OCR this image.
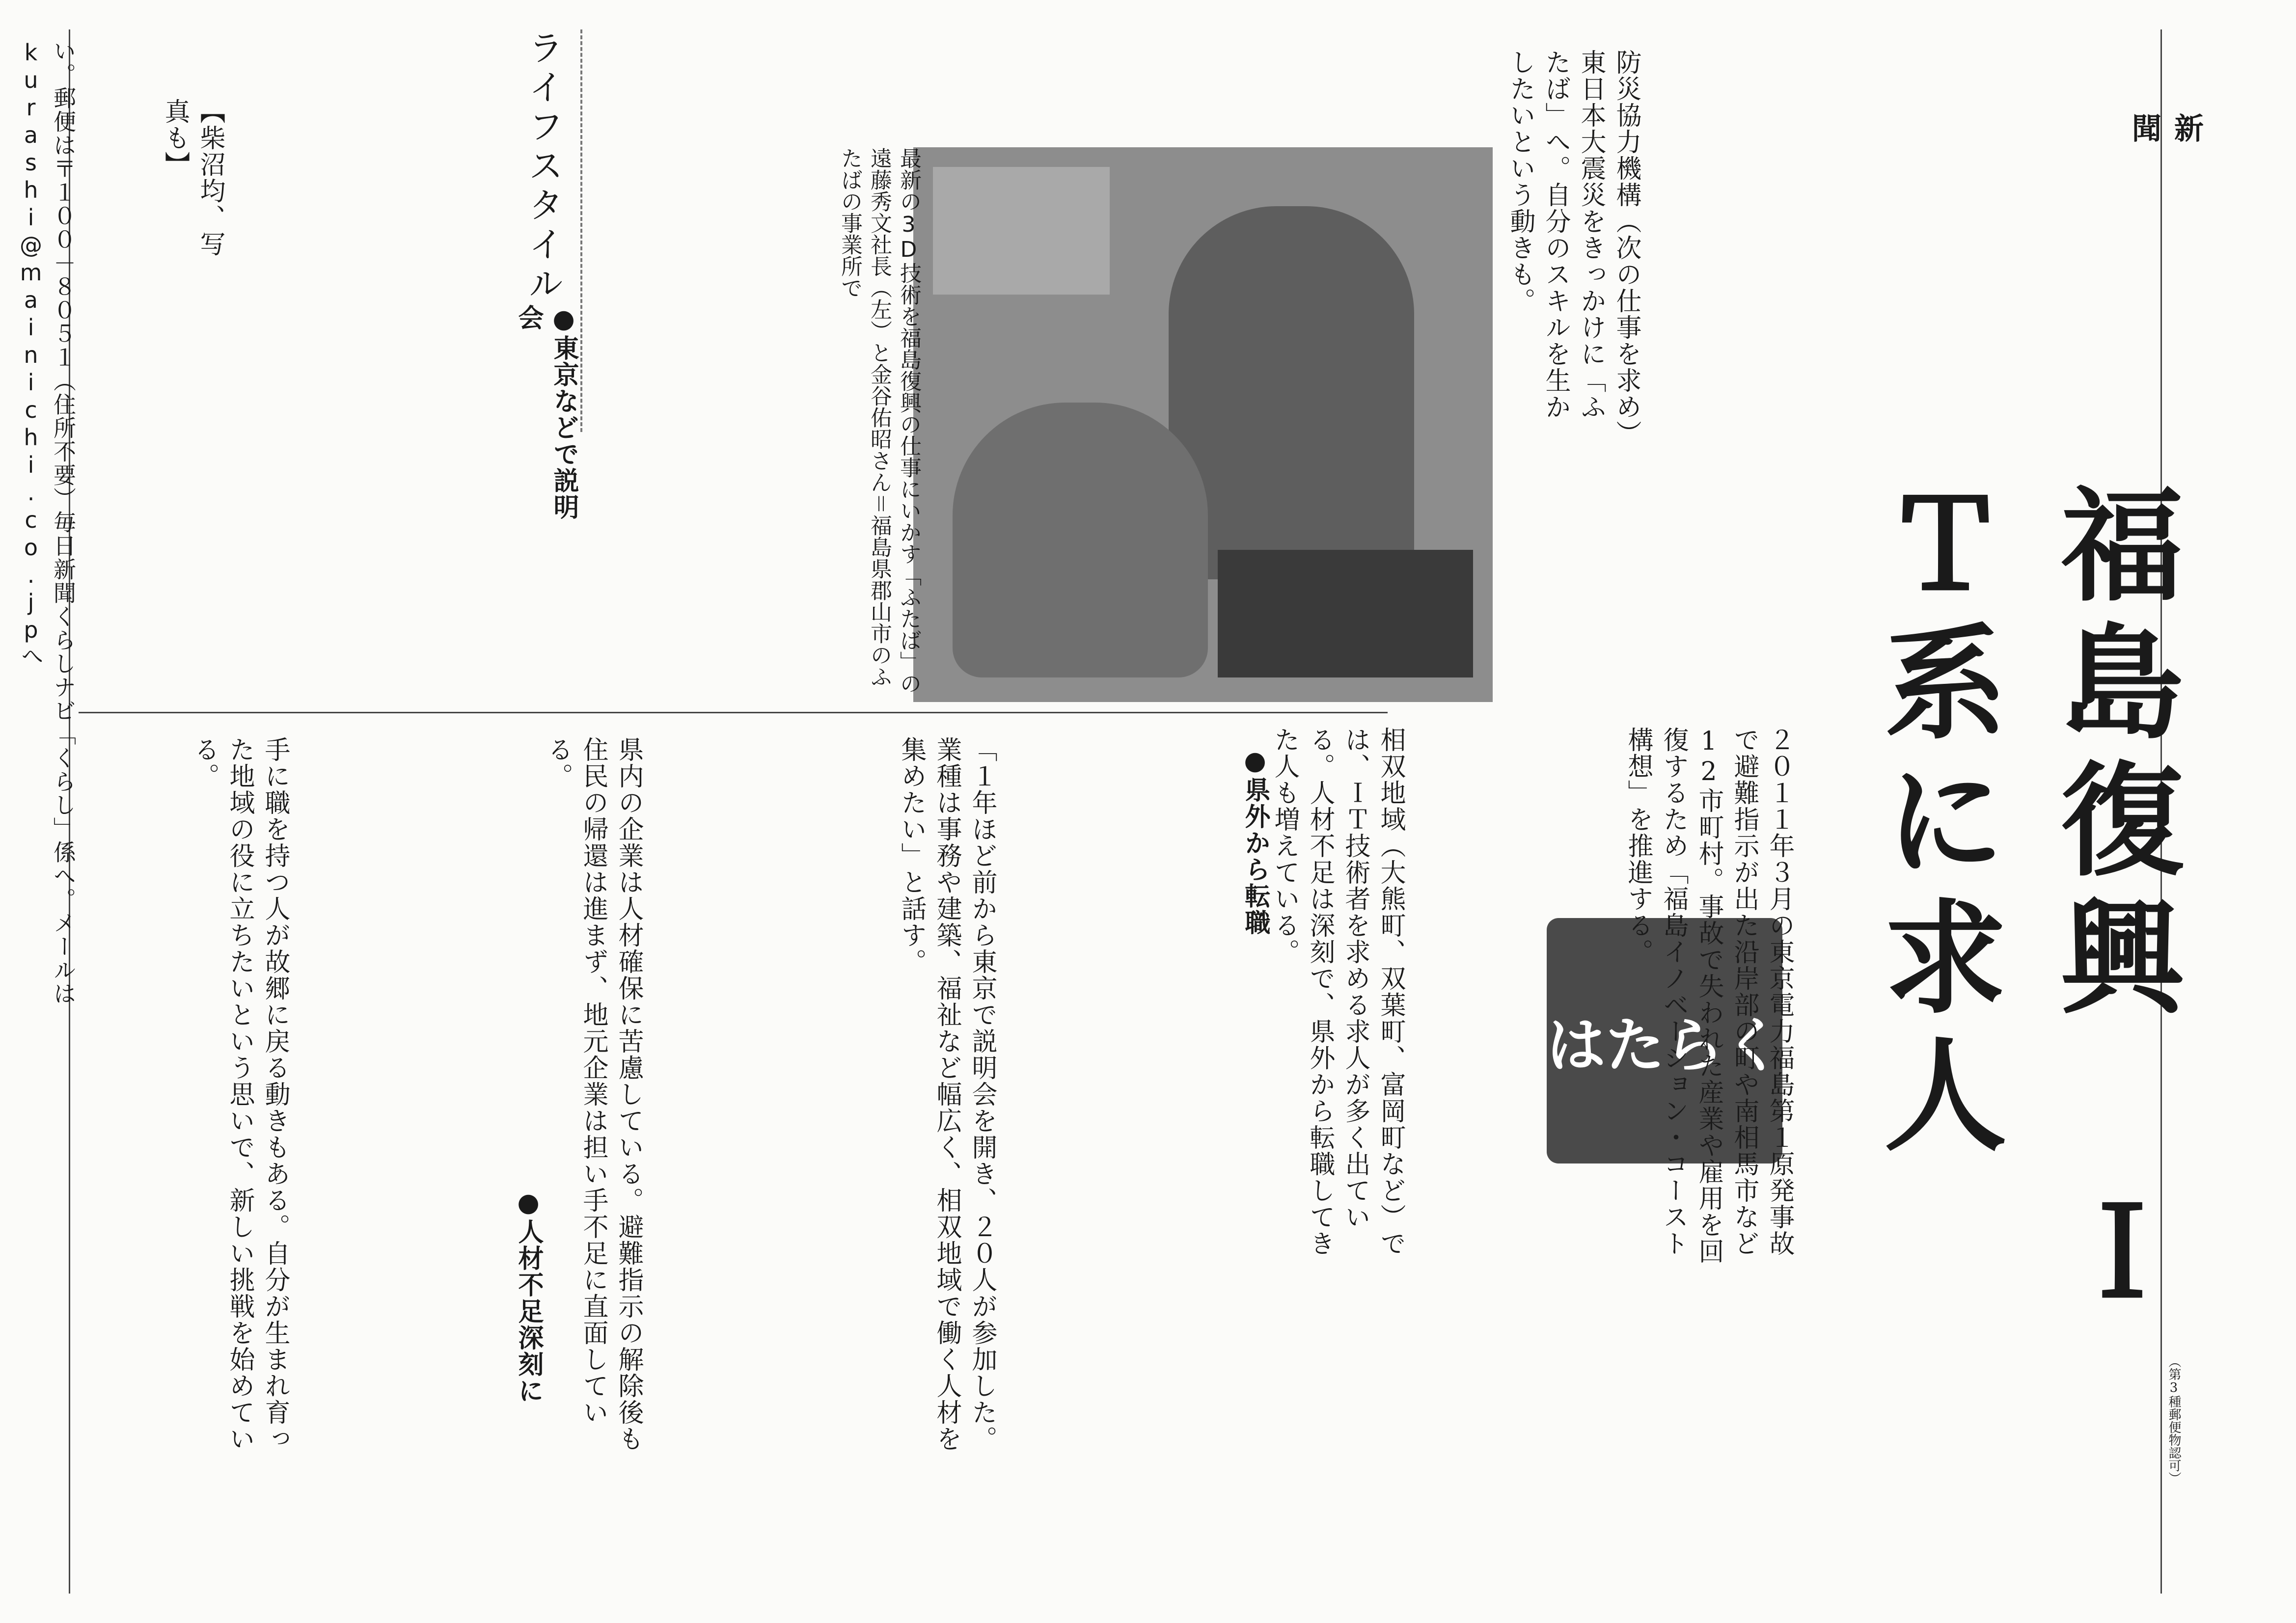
新 聞
（第3種郵便物認可）
ライフスタイル
福島復興 ＩＴ系に求人
はたらく
最新の3D技術を福島復興の仕事にいかす「ふたば」の遠藤秀文社長（左）と金谷佑昭さん＝福島県郡山市のふたばの事業所で
２０１１年３月の東京電力福島第１原発事故で避難指示が出た沿岸部の町や南相馬市など12市町村。事故で失われた産業や雇用を回復するため「福島イノベーション・コースト構想」を推進する。
相双地域（大熊町、双葉町、富岡町など）では、ＩＴ技術者を求める求人が多く出ている。人材不足は深刻で、県外から転職してきた人も増えている。
防災協力機構（次の仕事を求め）東日本大震災をきっかけに「ふたば」へ。自分のスキルを生かしたいという動きも。
●県外から転職
「１年ほど前から東京で説明会を開き、２０人が参加した。業種は事務や建築、福祉など幅広く、相双地域で働く人材を集めたい」と話す。
県内の企業は人材確保に苦慮している。避難指示の解除後も住民の帰還は進まず、地元企業は担い手不足に直面している。
手に職を持つ人が故郷に戻る動きもある。自分が生まれ育った地域の役に立ちたいという思いで、新しい挑戦を始めている。
●人材不足深刻に
●東京などで説明会
【柴沼均、写真も】
い。郵便は〒１００－８０５１（住所不要）毎日新聞くらしナビ「くらし」係へ。メールはkurashi@mainichi.co.jpへ
